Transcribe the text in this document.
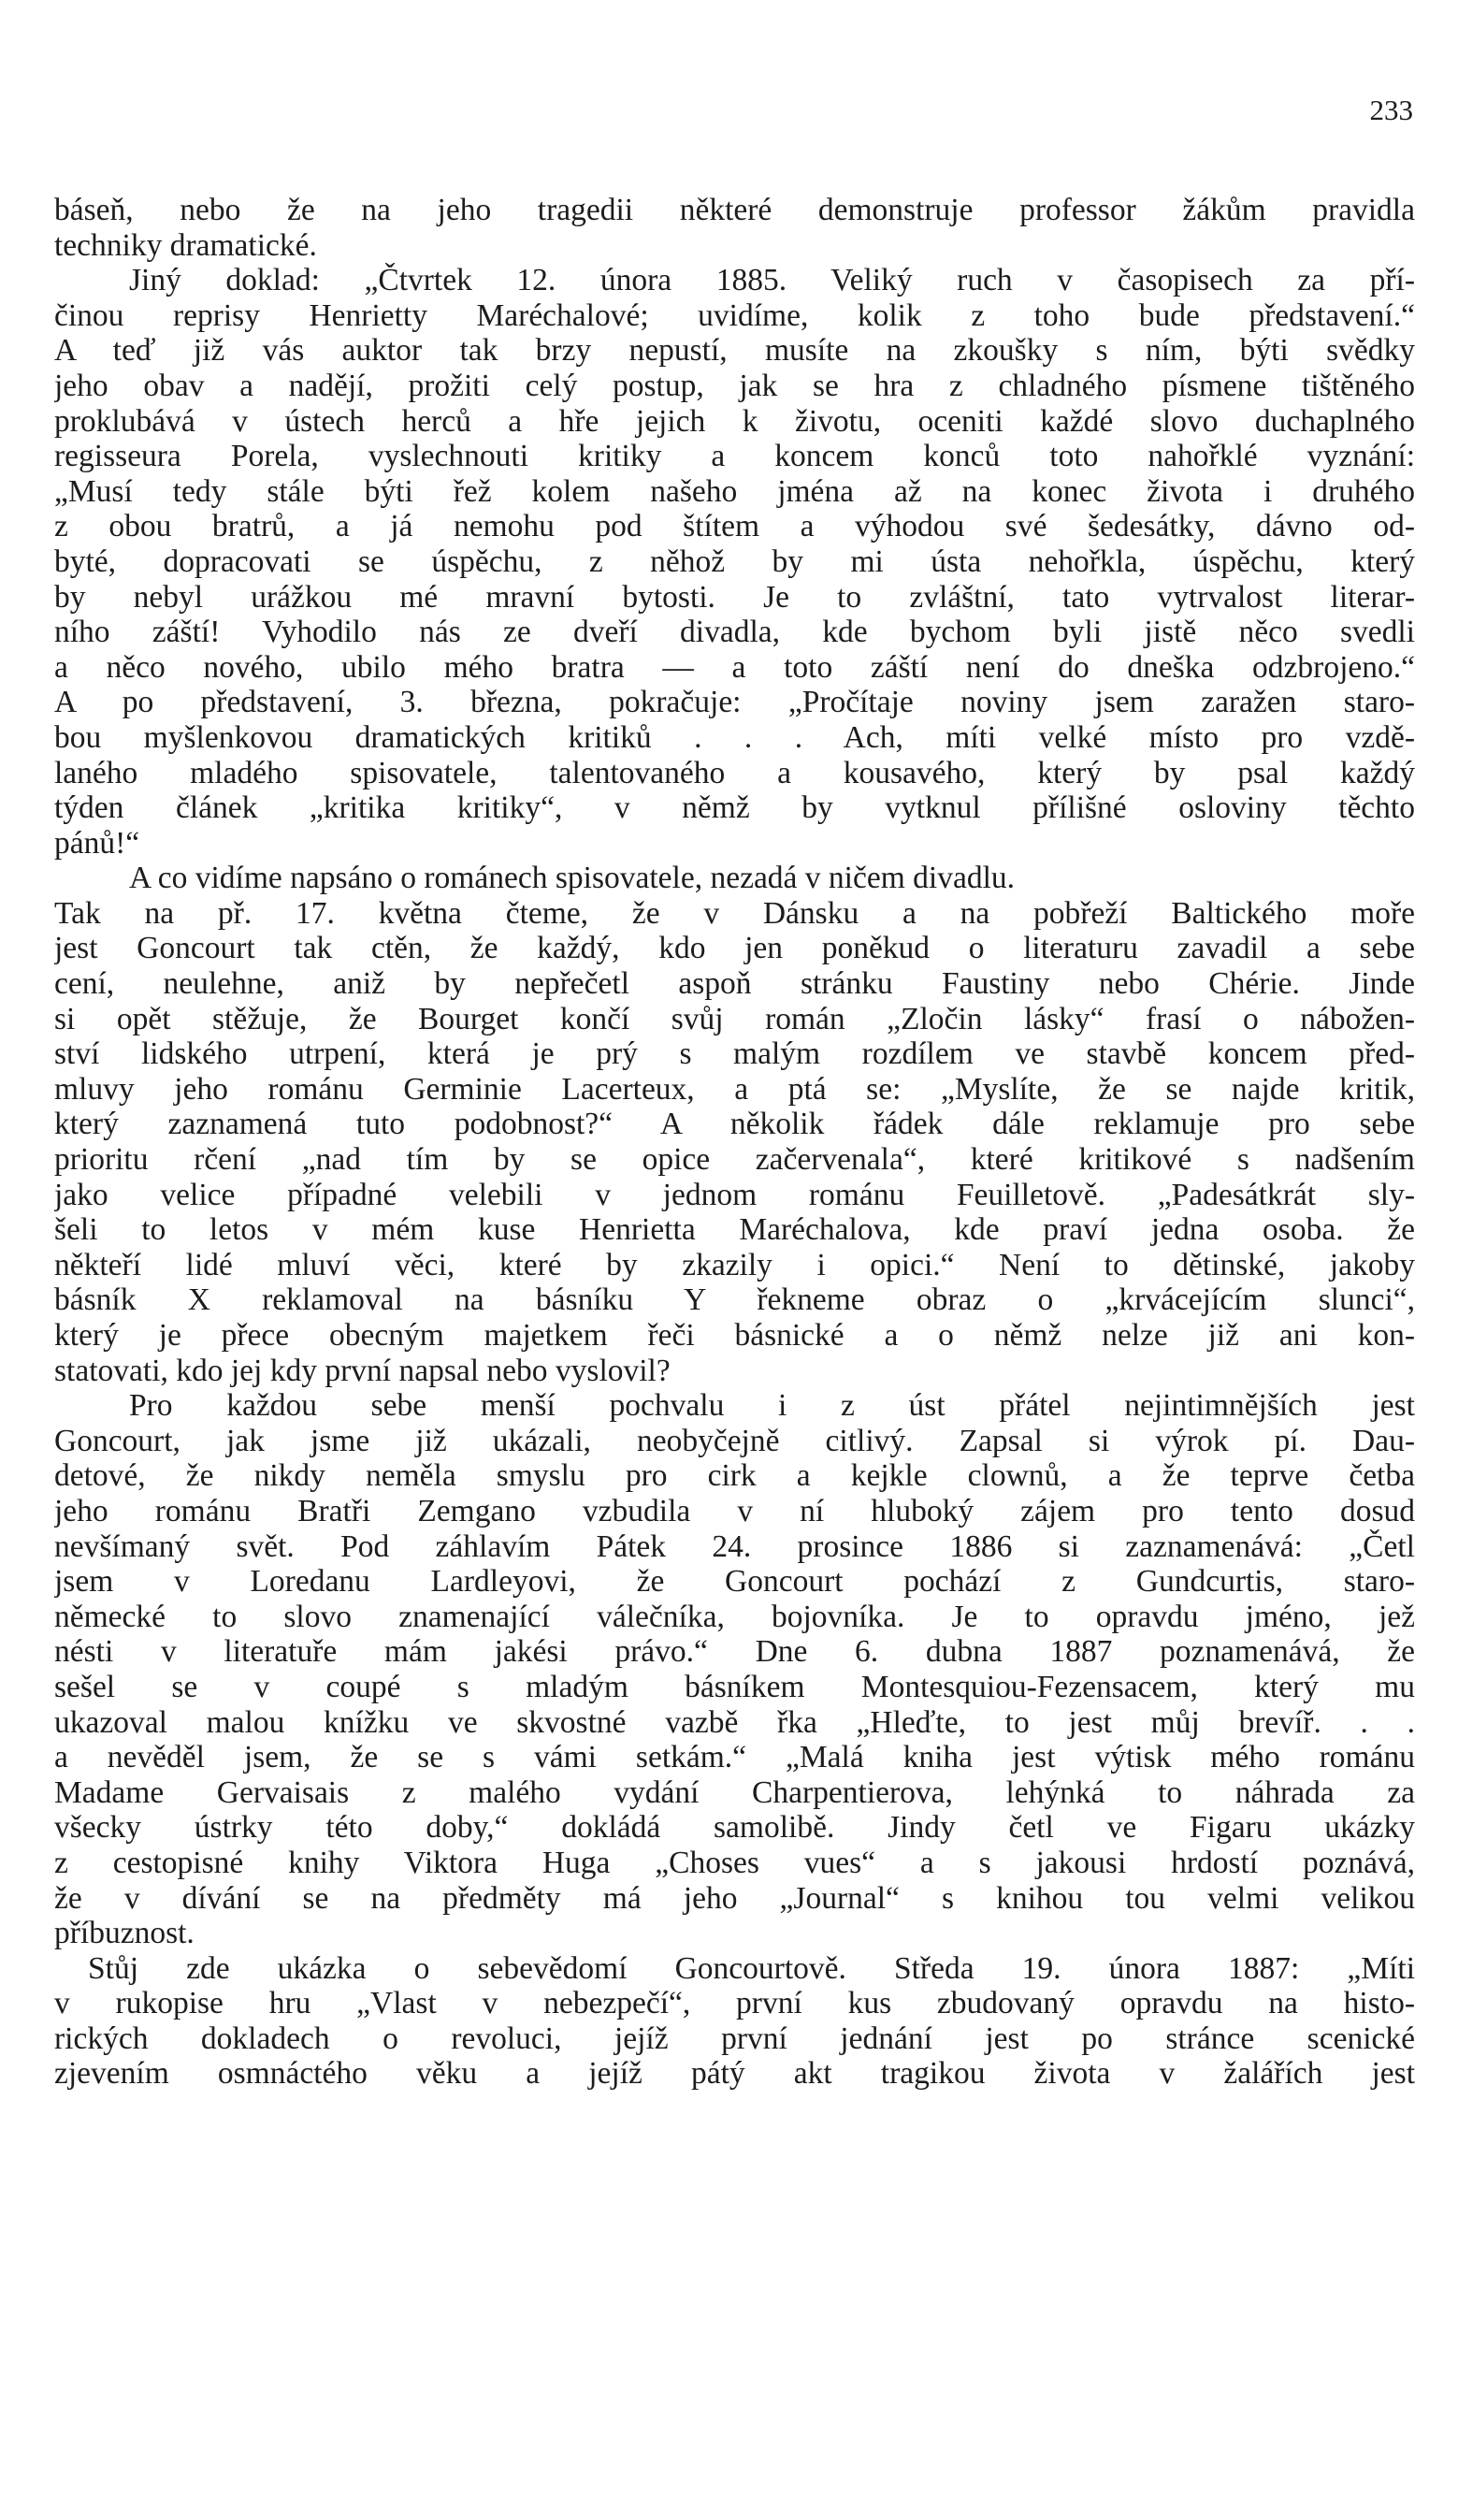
233
báseň, nebo že na jeho tragedii některé demonstruje professor žákům pravidla
techniky dramatické.
Jiný doklad: „Čtvrtek 12. února 1885. Veliký ruch v časopisech za pří-
činou reprisy Henrietty Maréchalové; uvidíme, kolik z toho bude představení.“
A teď již vás auktor tak brzy nepustí, musíte na zkoušky s ním, býti svědky
jeho obav a nadějí, prožiti celý postup, jak se hra z chladného písmene tištěného
proklubává v ústech herců a hře jejich k životu, oceniti každé slovo duchaplného
regisseura Porela, vyslechnouti kritiky a koncem konců toto nahořklé vyznání:
„Musí tedy stále býti řež kolem našeho jména až na konec života i druhého
z obou bratrů, a já nemohu pod štítem a výhodou své šedesátky, dávno od-
byté, dopracovati se úspěchu, z něhož by mi ústa nehořkla, úspěchu, který
by nebyl urážkou mé mravní bytosti. Je to zvláštní, tato vytrvalost literar-
ního záští! Vyhodilo nás ze dveří divadla, kde bychom byli jistě něco svedli
a něco nového, ubilo mého bratra — a toto záští není do dneška odzbrojeno.“
A po představení, 3. března, pokračuje: „Pročítaje noviny jsem zaražen staro-
bou myšlenkovou dramatických kritiků . . . Ach, míti velké místo pro vzdě-
laného mladého spisovatele, talentovaného a kousavého, který by psal každý
týden článek „kritika kritiky“, v němž by vytknul přílišné osloviny těchto
pánů!“
A co vidíme napsáno o románech spisovatele, nezadá v ničem divadlu.
Tak na př. 17. května čteme, že v Dánsku a na pobřeží Baltického moře
jest Goncourt tak ctěn, že každý, kdo jen poněkud o literaturu zavadil a sebe
cení, neulehne, aniž by nepřečetl aspoň stránku Faustiny nebo Chérie. Jinde
si opět stěžuje, že Bourget končí svůj román „Zločin lásky“ frasí o nábožen-
ství lidského utrpení, která je prý s malým rozdílem ve stavbě koncem před-
mluvy jeho románu Germinie Lacerteux, a ptá se: „Myslíte, že se najde kritik,
který zaznamená tuto podobnost?“ A několik řádek dále reklamuje pro sebe
prioritu rčení „nad tím by se opice začervenala“, které kritikové s nadšením
jako velice případné velebili v jednom románu Feuilletově. „Padesátkrát sly-
šeli to letos v mém kuse Henrietta Maréchalova, kde praví jedna osoba. že
někteří lidé mluví věci, které by zkazily i opici.“ Není to dětinské, jakoby
básník X reklamoval na básníku Y řekneme obraz o „krvácejícím slunci“,
který je přece obecným majetkem řeči básnické a o němž nelze již ani kon-
statovati, kdo jej kdy první napsal nebo vyslovil?
Pro každou sebe menší pochvalu i z úst přátel nejintimnějších jest
Goncourt, jak jsme již ukázali, neobyčejně citlivý. Zapsal si výrok pí. Dau-
detové, že nikdy neměla smyslu pro cirk a kejkle clownů, a že teprve četba
jeho románu Bratři Zemgano vzbudila v ní hluboký zájem pro tento dosud
nevšímaný svět. Pod záhlavím Pátek 24. prosince 1886 si zaznamenává: „Četl
jsem v Loredanu Lardleyovi, že Goncourt pochází z Gundcurtis, staro-
německé to slovo znamenající válečníka, bojovníka. Je to opravdu jméno, jež
nésti v literatuře mám jakési právo.“ Dne 6. dubna 1887 poznamenává, že
sešel se v coupé s mladým básníkem Montesquiou-Fezensacem, který mu
ukazoval malou knížku ve skvostné vazbě řka „Hleďte, to jest můj brevíř. . .
a nevěděl jsem, že se s vámi setkám.“ „Malá kniha jest výtisk mého románu
Madame Gervaisais z malého vydání Charpentierova, lehýnká to náhrada za
všecky ústrky této doby,“ dokládá samolibě. Jindy četl ve Figaru ukázky
z cestopisné knihy Viktora Huga „Choses vues“ a s jakousi hrdostí poznává,
že v dívání se na předměty má jeho „Journal“ s knihou tou velmi velikou
příbuznost.
Stůj zde ukázka o sebevědomí Goncourtově. Středa 19. února 1887: „Míti
v rukopise hru „Vlast v nebezpečí“, první kus zbudovaný opravdu na histo-
rických dokladech o revoluci, jejíž první jednání jest po stránce scenické
zjevením osmnáctého věku a jejíž pátý akt tragikou života v žalářích jest
